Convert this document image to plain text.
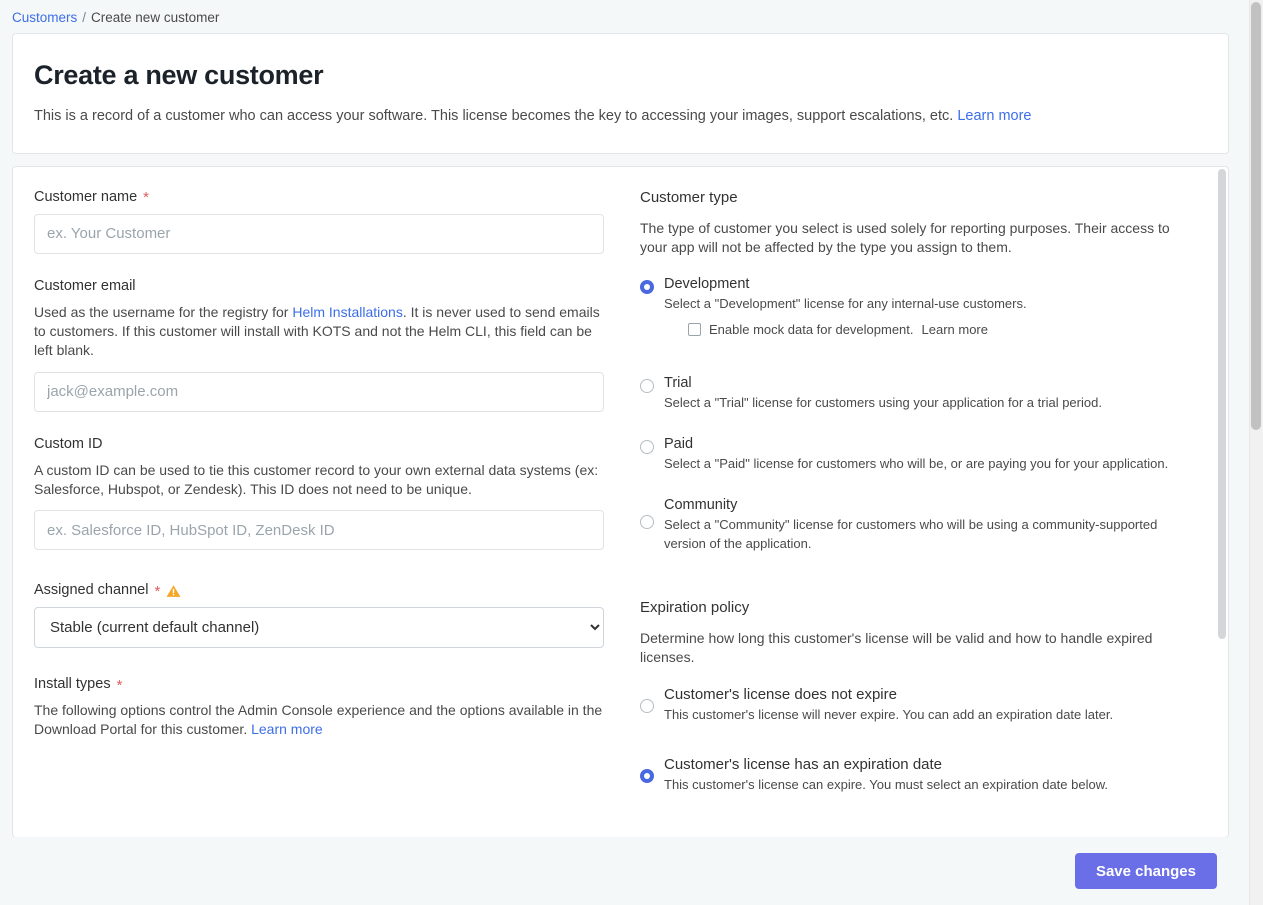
Customers / Create new customer
Create a new customer
This is a record of a customer who can access your software. This license becomes the key to accessing your images, support escalations, etc. Learn more
Customer name *
ex. Your Customer
Customer email
Used as the username for the registry for Helm Installations. It is never used to send emails to customers. If this customer will install with KOTS and not the Helm CLI, this field can be left blank.
jack@example.com
Custom ID
A custom ID can be used to tie this customer record to your own external data systems (ex: Salesforce, Hubspot, or Zendesk). This ID does not need to be unique.
ex. Salesforce ID, HubSpot ID, ZenDesk ID
Assigned channel *
Stable (current default channel)
Install types *
The following options control the Admin Console experience and the options available in the Download Portal for this customer. Learn more
Customer type
The type of customer you select is used solely for reporting purposes. Their access to your app will not be affected by the type you assign to them.
Development
Select a "Development" license for any internal-use customers.
Enable mock data for development. Learn more
Trial
Select a "Trial" license for customers using your application for a trial period.
Paid
Select a "Paid" license for customers who will be, or are paying you for your application.
Community
Select a "Community" license for customers who will be using a community-supported version of the application.
Expiration policy
Determine how long this customer's license will be valid and how to handle expired licenses.
Customer's license does not expire
This customer's license will never expire. You can add an expiration date later.
Customer's license has an expiration date
This customer's license can expire. You must select an expiration date below.
Save changes
